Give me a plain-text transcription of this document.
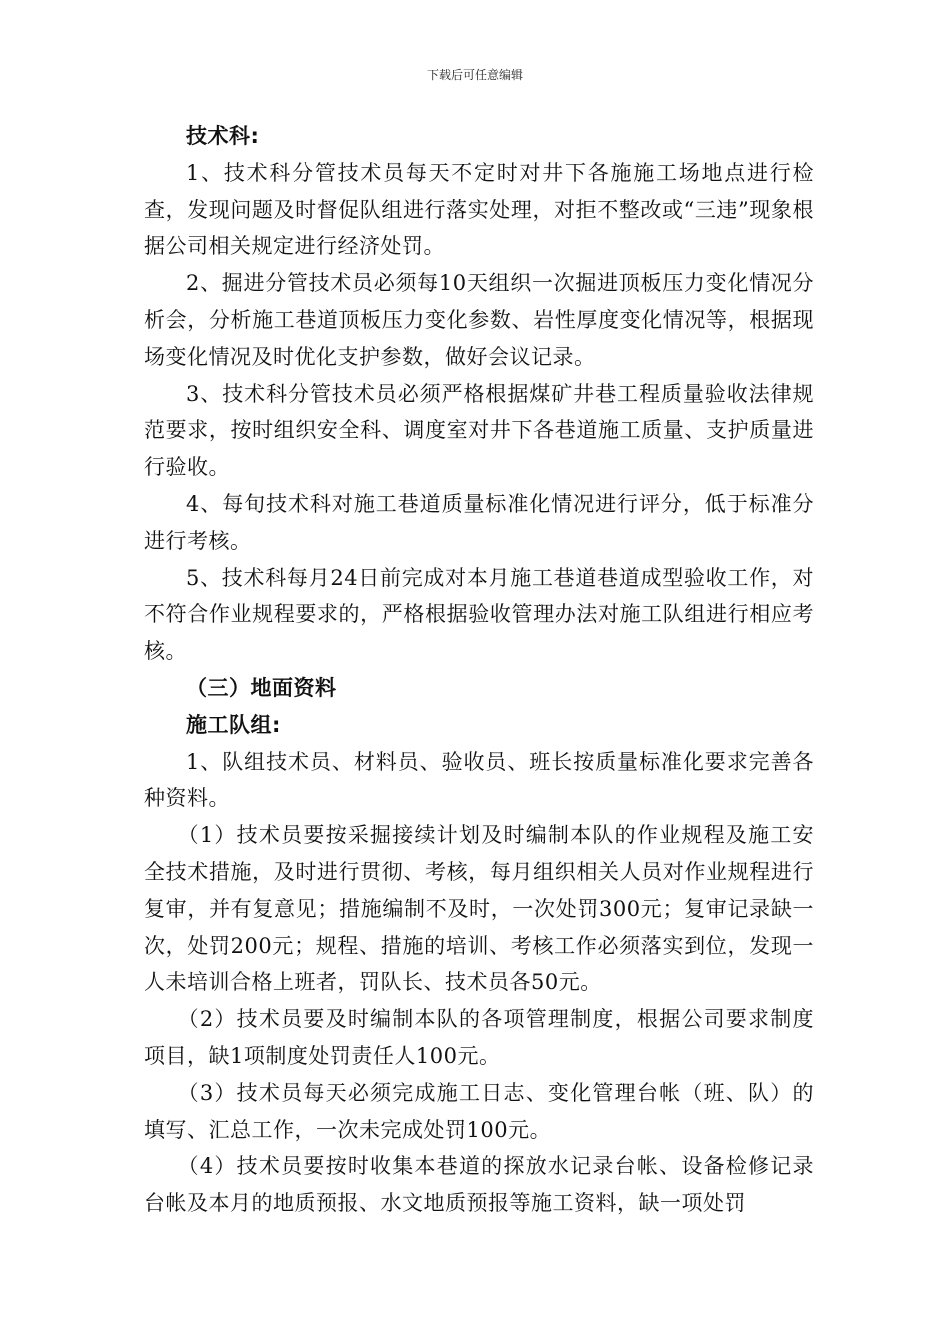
下载后可任意编辑

技术科:

1、技术科分管技术员每天不定时对井下各施施工场地点进行检查，发现问题及时督促队组进行落实处理，对拒不整改或“三违”现象根据公司相关规定进行经济处罚。

2、掘进分管技术员必须每10天组织一次掘进顶板压力变化情况分析会，分析施工巷道顶板压力变化参数、岩性厚度变化情况等，根据现场变化情况及时优化支护参数，做好会议记录。

3、技术科分管技术员必须严格根据煤矿井巷工程质量验收法律规范要求，按时组织安全科、调度室对井下各巷道施工质量、支护质量进行验收。

4、每旬技术科对施工巷道质量标准化情况进行评分，低于标准分进行考核。

5、技术科每月24日前完成对本月施工巷道巷道成型验收工作，对不符合作业规程要求的，严格根据验收管理办法对施工队组进行相应考核。

（三）地面资料

施工队组:

1、队组技术员、材料员、验收员、班长按质量标准化要求完善各种资料。

（1）技术员要按采掘接续计划及时编制本队的作业规程及施工安全技术措施，及时进行贯彻、考核，每月组织相关人员对作业规程进行复审，并有复意见；措施编制不及时，一次处罚300元；复审记录缺一次，处罚200元；规程、措施的培训、考核工作必须落实到位，发现一人未培训合格上班者，罚队长、技术员各50元。

（2）技术员要及时编制本队的各项管理制度，根据公司要求制度项目，缺1项制度处罚责任人100元。

（3）技术员每天必须完成施工日志、变化管理台帐（班、队）的填写、汇总工作，一次未完成处罚100元。

（4）技术员要按时收集本巷道的探放水记录台帐、设备检修记录台帐及本月的地质预报、水文地质预报等施工资料，缺一项处罚
